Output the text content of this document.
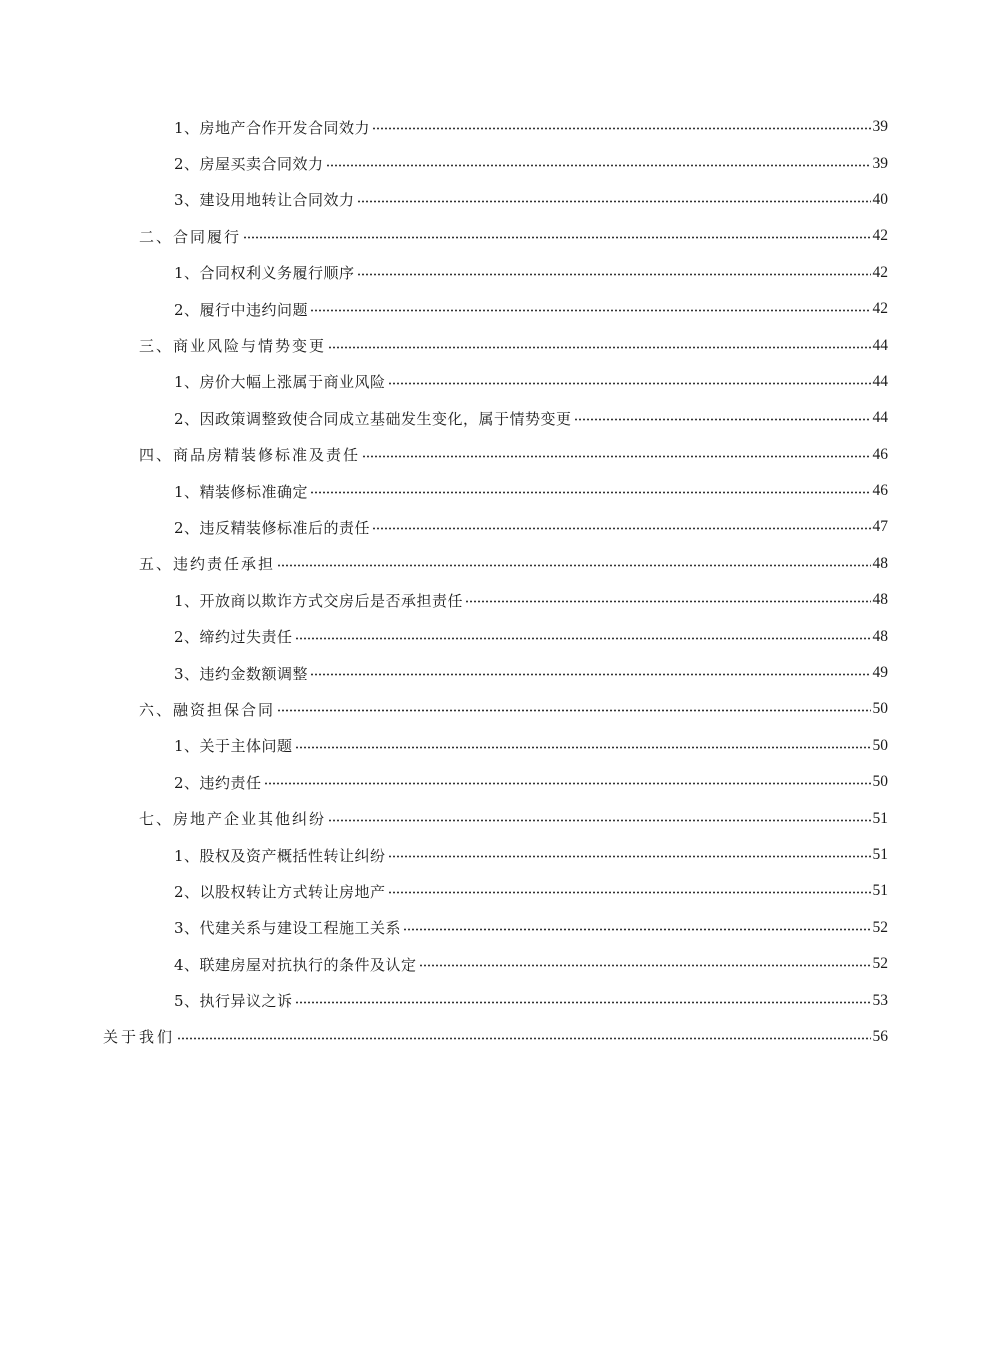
1、房地产合作开发合同效力	39
2、房屋买卖合同效力	39
3、建设用地转让合同效力	40
二、合同履行	42
1、合同权利义务履行顺序	42
2、履行中违约问题	42
三、商业风险与情势变更	44
1、房价大幅上涨属于商业风险	44
2、因政策调整致使合同成立基础发生变化，属于情势变更	44
四、商品房精装修标准及责任	46
1、精装修标准确定	46
2、违反精装修标准后的责任	47
五、违约责任承担	48
1、开放商以欺诈方式交房后是否承担责任	48
2、缔约过失责任	48
3、违约金数额调整	49
六、融资担保合同	50
1、关于主体问题	50
2、违约责任	50
七、房地产企业其他纠纷	51
1、股权及资产概括性转让纠纷	51
2、以股权转让方式转让房地产	51
3、代建关系与建设工程施工关系	52
4、联建房屋对抗执行的条件及认定	52
5、执行异议之诉	53
关于我们	56
